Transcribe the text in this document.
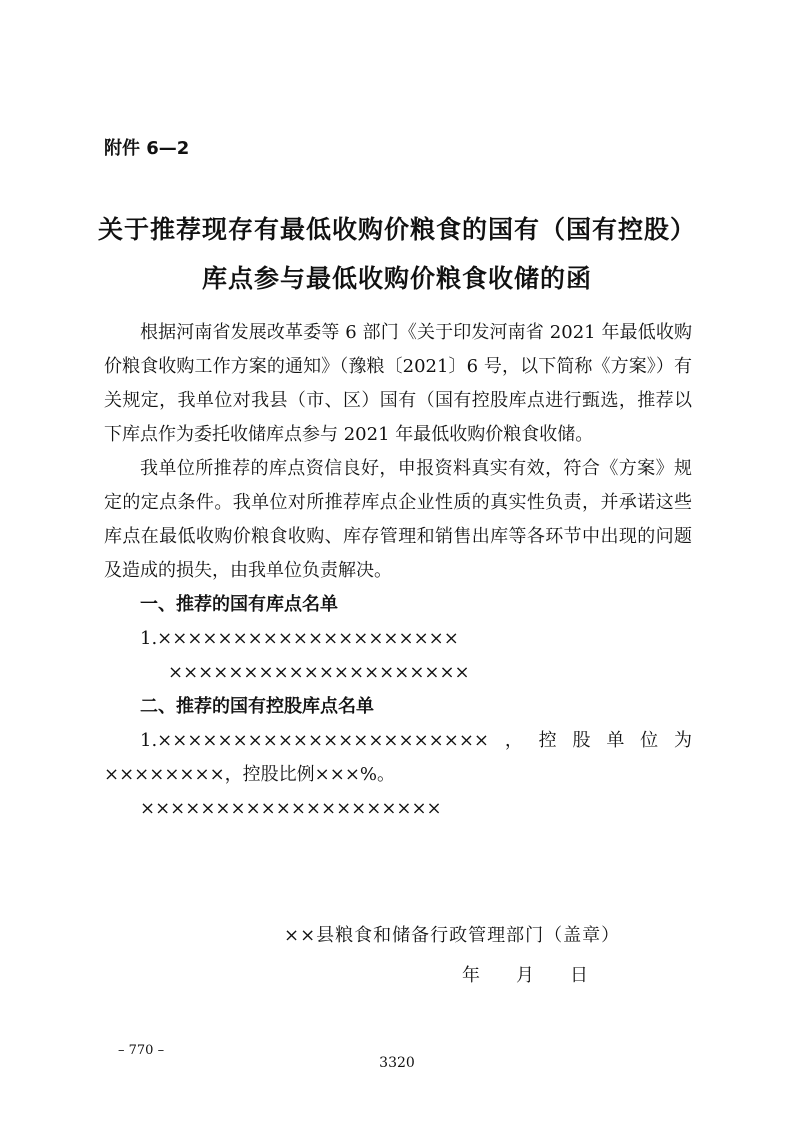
附件 6—2
关于推荐现存有最低收购价粮食的国有（国有控股）
库点参与最低收购价粮食收储的函

根据河南省发展改革委等 6 部门《关于印发河南省 2021 年最低收购价粮食收购工作方案的通知》（豫粮〔2021〕6 号，以下简称《方案》）有关规定，我单位对我县（市、区）国有（国有控股库点进行甄选，推荐以下库点作为委托收储库点参与 2021 年最低收购价粮食收储。

我单位所推荐的库点资信良好，申报资料真实有效，符合《方案》规定的定点条件。我单位对所推荐库点企业性质的真实性负责，并承诺这些库点在最低收购价粮食收购、库存管理和销售出库等各环节中出现的问题及造成的损失，由我单位负责解决。

一、推荐的国有库点名单

1.××××××××××××××××××××

××××××××××××××××××××

二、推荐的国有控股库点名单

1.××××××××××××××××××××××，控股单位为××××××××，控股比例×××%。

××××××××××××××××××××

××县粮食和储备行政管理部门（盖章）
年　　月　　日
– 770 –
3320
